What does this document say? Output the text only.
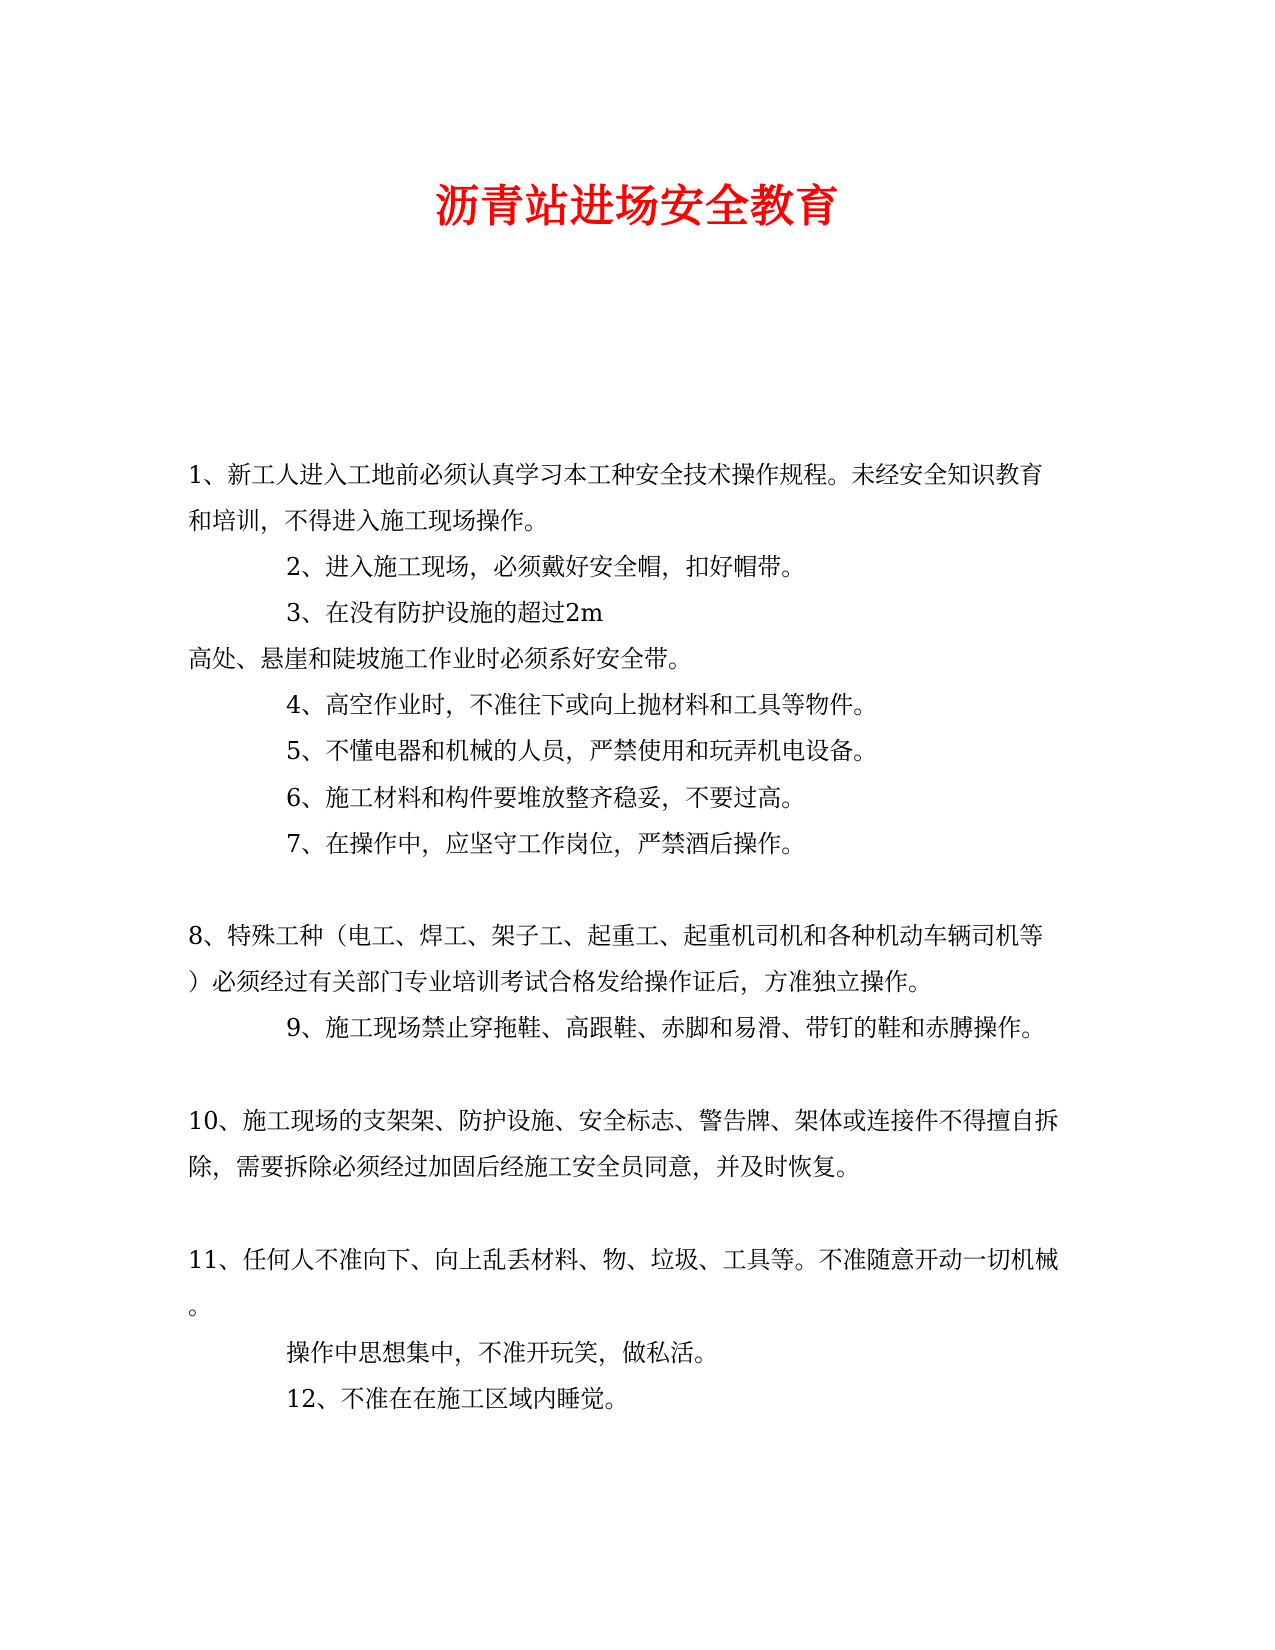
沥青站进场安全教育
1、新工人进入工地前必须认真学习本工种安全技术操作规程。未经安全知识教育
和培训，不得进入施工现场操作。
2、进入施工现场，必须戴好安全帽，扣好帽带。
3、在没有防护设施的超过2m
高处、悬崖和陡坡施工作业时必须系好安全带。
4、高空作业时，不准往下或向上抛材料和工具等物件。
5、不懂电器和机械的人员，严禁使用和玩弄机电设备。
6、施工材料和构件要堆放整齐稳妥，不要过高。
7、在操作中，应坚守工作岗位，严禁酒后操作。
8、特殊工种（电工、焊工、架子工、起重工、起重机司机和各种机动车辆司机等
）必须经过有关部门专业培训考试合格发给操作证后，方准独立操作。
9、施工现场禁止穿拖鞋、高跟鞋、赤脚和易滑、带钉的鞋和赤膊操作。
10、施工现场的支架架、防护设施、安全标志、警告牌、架体或连接件不得擅自拆
除，需要拆除必须经过加固后经施工安全员同意，并及时恢复。
11、任何人不准向下、向上乱丢材料、物、垃圾、工具等。不准随意开动一切机械
。
操作中思想集中，不准开玩笑，做私活。
12、不准在在施工区域内睡觉。
